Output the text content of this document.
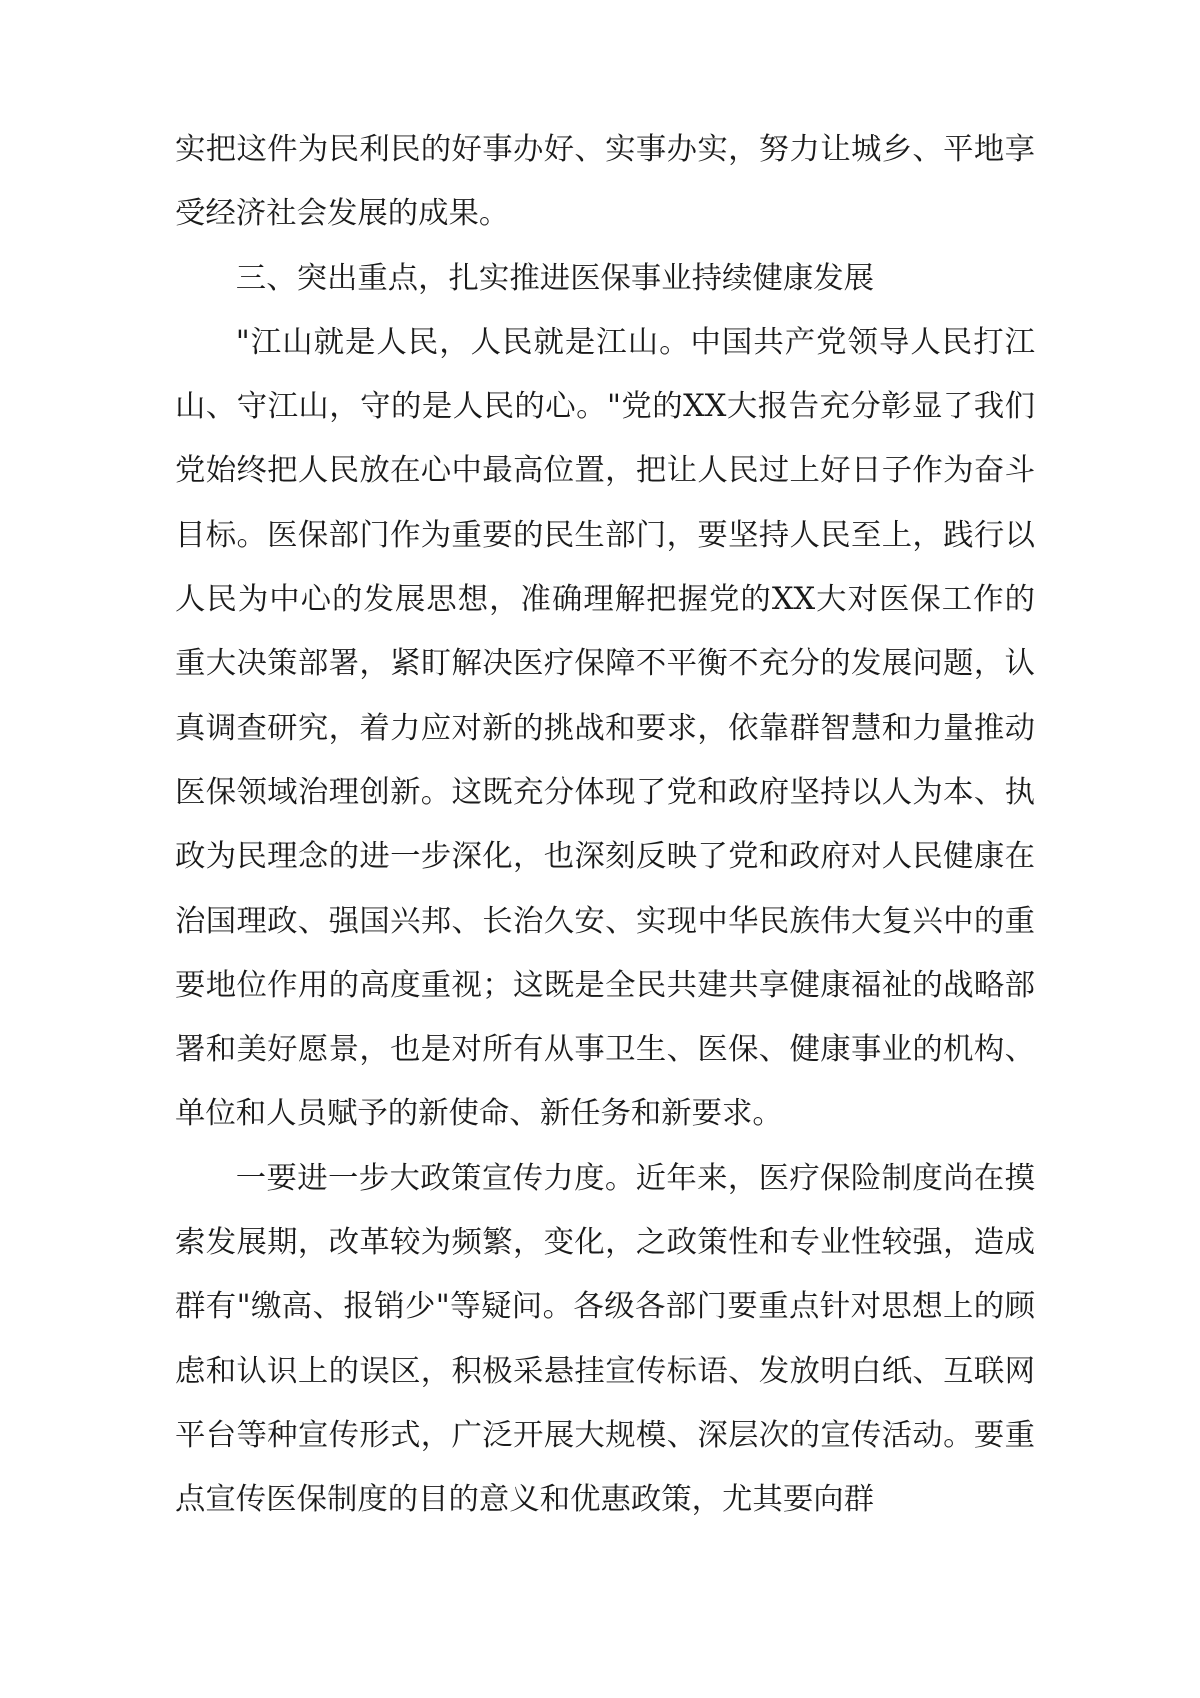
实把这件为民利民的好事办好、实事办实，努力让城乡、平地享受经济社会发展的成果。

三、突出重点，扎实推进医保事业持续健康发展

"江山就是人民，人民就是江山。中国共产党领导人民打江山、守江山，守的是人民的心。"党的XX大报告充分彰显了我们党始终把人民放在心中最高位置，把让人民过上好日子作为奋斗目标。医保部门作为重要的民生部门，要坚持人民至上，践行以人民为中心的发展思想，准确理解把握党的XX大对医保工作的重大决策部署，紧盯解决医疗保障不平衡不充分的发展问题，认真调查研究，着力应对新的挑战和要求，依靠群智慧和力量推动医保领域治理创新。这既充分体现了党和政府坚持以人为本、执政为民理念的进一步深化，也深刻反映了党和政府对人民健康在治国理政、强国兴邦、长治久安、实现中华民族伟大复兴中的重要地位作用的高度重视；这既是全民共建共享健康福祉的战略部署和美好愿景，也是对所有从事卫生、医保、健康事业的机构、单位和人员赋予的新使命、新任务和新要求。

一要进一步大政策宣传力度。近年来，医疗保险制度尚在摸索发展期，改革较为频繁，变化，之政策性和专业性较强，造成群有"缴高、报销少"等疑问。各级各部门要重点针对思想上的顾虑和认识上的误区，积极采悬挂宣传标语、发放明白纸、互联网平台等种宣传形式，广泛开展大规模、深层次的宣传活动。要重点宣传医保制度的目的意义和优惠政策，尤其要向群
